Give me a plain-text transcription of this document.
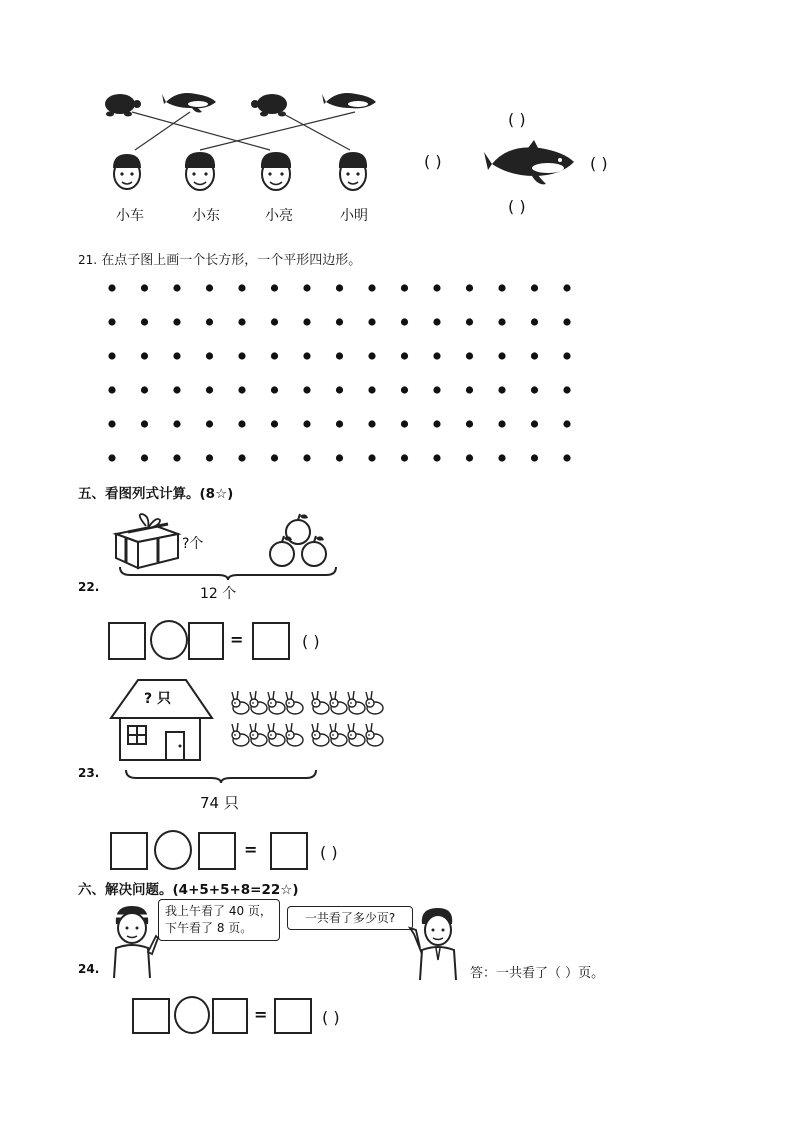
小车	小东	小亮	小明
( )
( )	( )
( )
21. 在点子图上画一个长方形，一个平形四边形。
五、看图列式计算。(8☆)
22.
?个
12 个
=	( )
23.
? 只
74 只
=	( )
六、解决问题。(4+5+5+8=22☆)
24.
我上午看了 40 页，
下午看了 8 页。
一共看了多少页?
答：一共看了（ ）页。
=	( )
